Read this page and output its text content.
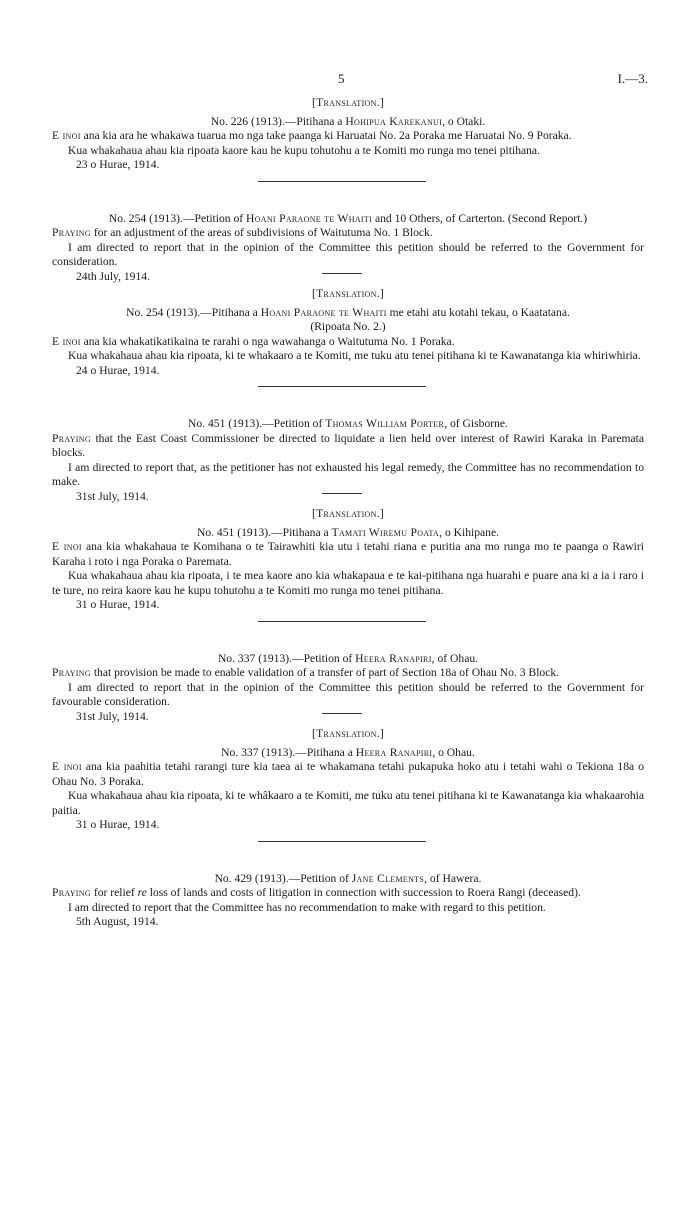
5	I.—3.
[Translation.]
No. 226 (1913).—Pitihana a Hohipua Karekanui, o Otaki.

E inoi ana kia ara he whakawa tuarua mo nga take paanga ki Haruatai No. 2a Poraka me Haruatai No. 9 Poraka.

Kua whakahaua ahau kia ripoata kaore kau he kupu tohutohu a te Komiti mo runga mo tenei pitihana.

23 o Hurae, 1914.
No. 254 (1913).—Petition of Hoani Paraone te Whaiti and 10 Others, of Carterton. (Second Report.)

Praying for an adjustment of the areas of subdivisions of Waitutuma No. 1 Block.

I am directed to report that in the opinion of the Committee this petition should be referred to the Government for consideration.

24th July, 1914.
[Translation.]
No. 254 (1913).—Pitihana a Hoani Paraone te Whaiti me etahi atu kotahi tekau, o Kaatatana.
(Ripoata No. 2.)

E inoi ana kia whakatikatikaina te rarahi o nga wawahanga o Waitutuma No. 1 Poraka.

Kua whakahaua ahau kia ripoata, ki te whakaaro a te Komiti, me tuku atu tenei pitihana ki te Kawanatanga kia whiriwhiria.

24 o Hurae, 1914.
No. 451 (1913).—Petition of Thomas William Porter, of Gisborne.

Praying that the East Coast Commissioner be directed to liquidate a lien held over interest of Rawiri Karaka in Paremata blocks.

I am directed to report that, as the petitioner has not exhausted his legal remedy, the Committee has no recommendation to make.

31st July, 1914.
[Translation.]
No. 451 (1913).—Pitihana a Tamati Wiremu Poata, o Kihipane.

E inoi ana kia whakahaua te Komihana o te Tairawhiti kia utu i tetahi riana e puritia ana mo runga mo te paanga o Rawiri Karaha i roto i nga Poraka o Paremata.

Kua whakahaua ahau kia ripoata, i te mea kaore ano kia whakapaua e te kai-pitihana nga huarahi e puare ana ki a ia i raro i te ture, no reira kaore kau he kupu tohutohu a te Komiti mo runga mo tenei pitihana.

31 o Hurae, 1914.
No. 337 (1913).—Petition of Heera Ranapiri, of Ohau.

Praying that provision be made to enable validation of a transfer of part of Section 18a of Ohau No. 3 Block.

I am directed to report that in the opinion of the Committee this petition should be referred to the Government for favourable consideration.

31st July, 1914.
[Translation.]
No. 337 (1913).—Pitihana a Heera Ranapiri, o Ohau.

E inoi ana kia paahitia tetahi rarangi ture kia taea ai te whakamana tetahi pukapuka hoko atu i tetahi wahi o Tekiona 18a o Ohau No. 3 Poraka.

Kua whakahaua ahau kia ripoata, ki te whâkaaro a te Komiti, me tuku atu tenei pitihana ki te Kawanatanga kia whakaarohia paitia.

31 o Hurae, 1914.
No. 429 (1913).—Petition of Jane Clements, of Hawera.

Praying for relief re loss of lands and costs of litigation in connection with succession to Roera Rangi (deceased).

I am directed to report that the Committee has no recommendation to make with regard to this petition.

5th August, 1914.
